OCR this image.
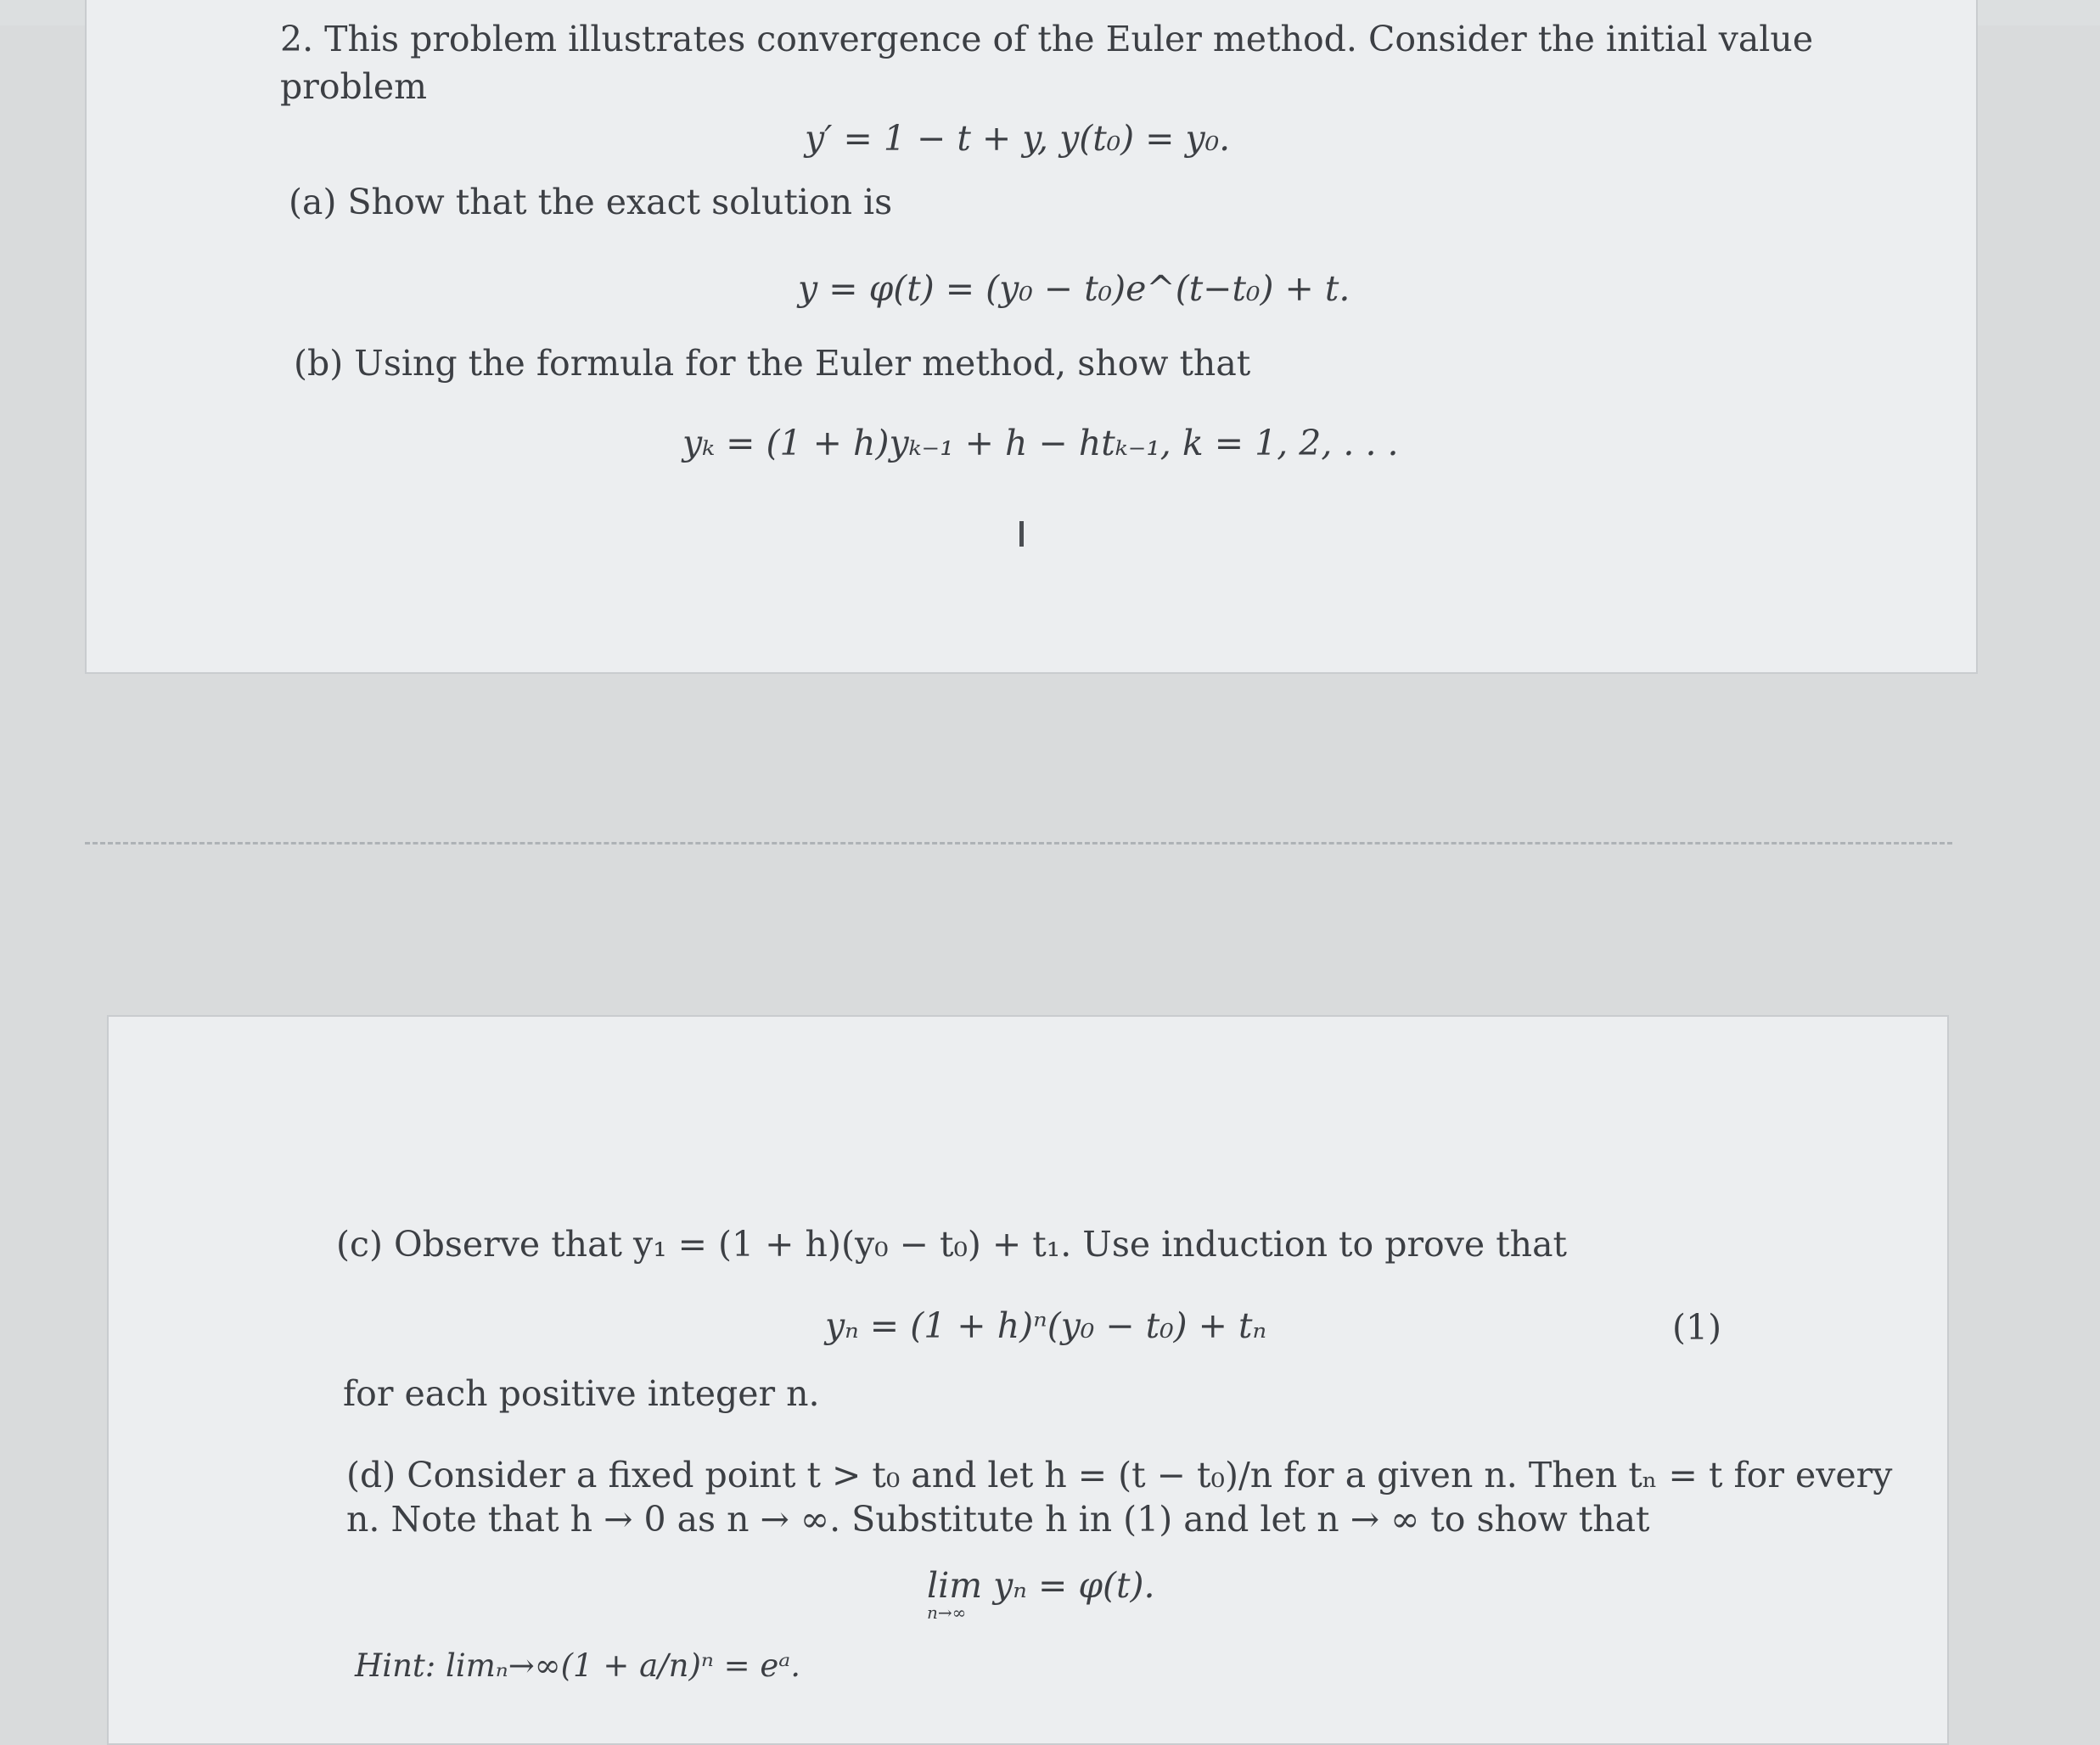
2. This problem illustrates convergence of the Euler method. Consider the initial value
problem
y′ = 1 − t + y, y(t₀) = y₀.
(a) Show that the exact solution is
y = φ(t) = (y₀ − t₀)e^(t−t₀) + t.
(b) Using the formula for the Euler method, show that
yₖ = (1 + h)yₖ₋₁ + h − htₖ₋₁, k = 1, 2, . . .
(c) Observe that y₁ = (1 + h)(y₀ − t₀) + t₁. Use induction to prove that
yₙ = (1 + h)ⁿ(y₀ − t₀) + tₙ	(1)
for each positive integer n.
(d) Consider a fixed point t > t₀ and let h = (t − t₀)/n for a given n. Then tₙ = t for every
n. Note that h → 0 as n → ∞. Substitute h in (1) and let n → ∞ to show that
lim yₙ = φ(t).
n→∞
Hint: limₙ→∞(1 + a/n)ⁿ = eᵃ.
